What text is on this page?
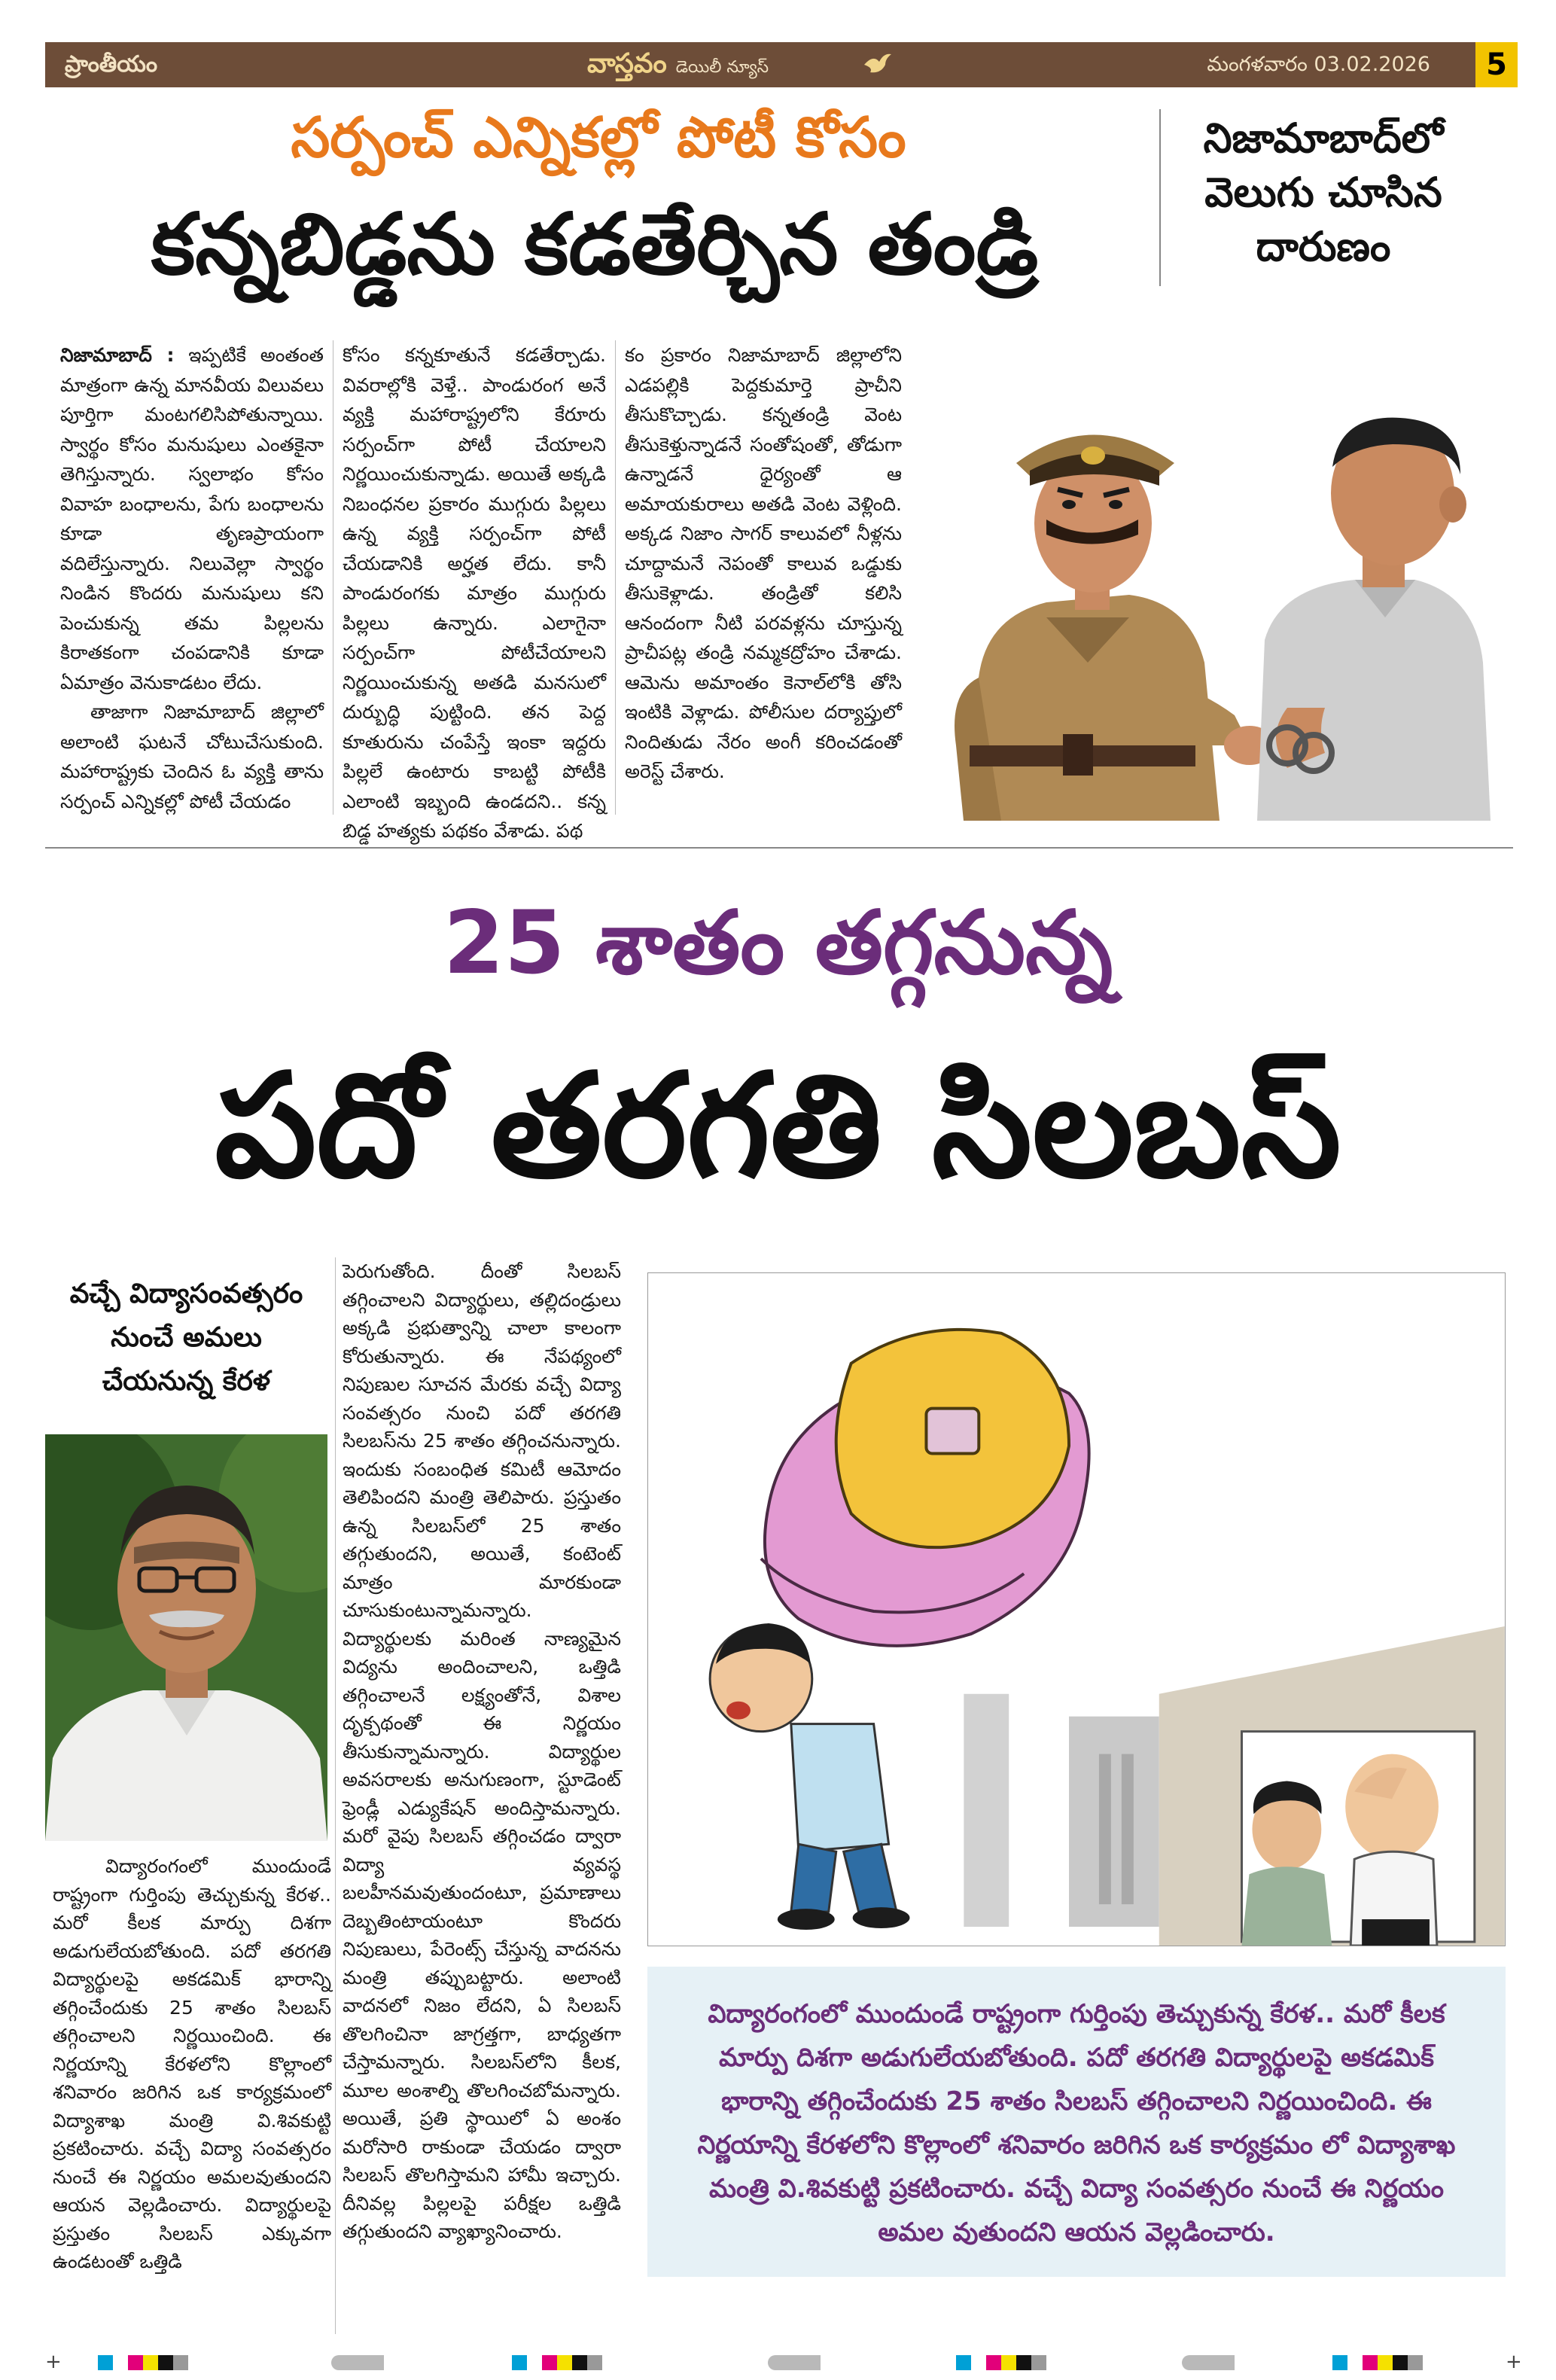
ప్రాంతీయం	వాస్తవం డెయిలీ న్యూస్	మంగళవారం 03.02.2026	5
సర్పంచ్ ఎన్నికల్లో పోటీ కోసం
కన్నబిడ్డను కడతేర్చిన తండ్రి
నిజామాబాద్‌లో
వెలుగు చూసిన
దారుణం

నిజామాబాద్ : ఇప్పటికే అంతంత మాత్రంగా ఉన్న మానవీయ విలువలు పూర్తిగా మంటగలిసిపోతున్నాయి. స్వార్థం కోసం మనుషులు ఎంతకైనా తెగిస్తున్నారు. స్వలాభం కోసం వివాహ బంధాలను, పేగు బంధాలను కూడా తృణప్రాయంగా వదిలేస్తున్నారు. నిలువెల్లా స్వార్థం నిండిన కొందరు మనుషులు కని పెంచుకున్న తమ పిల్లలను కిరాతకంగా చంపడానికి కూడా ఏమాత్రం వెనుకాడటం లేదు.

తాజాగా నిజామాబాద్ జిల్లాలో అలాంటి ఘటనే చోటుచేసుకుంది. మహారాష్ట్రకు చెందిన ఓ వ్యక్తి తాను సర్పంచ్ ఎన్నికల్లో పోటీ చేయడం

కోసం కన్నకూతునే కడతేర్చాడు. వివరాల్లోకి వెళ్తే.. పాండురంగ అనే వ్యక్తి మహారాష్ట్రలోని కేరూరు సర్పంచ్‌గా పోటీ చేయాలని నిర్ణయించుకున్నాడు. అయితే అక్కడి నిబంధనల ప్రకారం ముగ్గురు పిల్లలు ఉన్న వ్యక్తి సర్పంచ్‌గా పోటీ చేయడానికి అర్హత లేదు. కానీ పాండురంగకు మాత్రం ముగ్గురు పిల్లలు ఉన్నారు. ఎలాగైనా సర్పంచ్‌గా పోటీచేయాలని నిర్ణయించుకున్న అతడి మనసులో దుర్బుద్ధి పుట్టింది. తన పెద్ద కూతురును చంపేస్తే ఇంకా ఇద్దరు పిల్లలే ఉంటారు కాబట్టి పోటీకి ఎలాంటి ఇబ్బంది ఉండదని.. కన్న బిడ్డ హత్యకు పథకం వేశాడు. పథ

కం ప్రకారం నిజామాబాద్ జిల్లాలోని ఎడపల్లికి పెద్దకుమార్తె ప్రాచీని తీసుకొచ్చాడు. కన్నతండ్రి వెంట తీసుకెళ్తున్నాడనే సంతోషంతో, తోడుగా ఉన్నాడనే ధైర్యంతో ఆ అమాయకురాలు అతడి వెంట వెళ్లింది. అక్కడ నిజాం సాగర్ కాలువలో నీళ్లను చూద్దామనే నెపంతో కాలువ ఒడ్డుకు తీసుకెళ్లాడు. తండ్రితో కలిసి ఆనందంగా నీటి పరవళ్లను చూస్తున్న ప్రాచీపట్ల తండ్రి నమ్మకద్రోహం చేశాడు. ఆమెను అమాంతం కెనాల్‌లోకి తోసి ఇంటికి వెళ్లాడు. పోలీసుల దర్యాప్తులో నిందితుడు నేరం అంగీ కరించడంతో అరెస్ట్ చేశారు.

25 శాతం తగ్గనున్న
పదో తరగతి సిలబస్
వచ్చే విద్యాసంవత్సరం
నుంచే అమలు
చేయనున్న కేరళ

విద్యారంగంలో ముందుండే రాష్ట్రంగా గుర్తింపు తెచ్చుకున్న కేరళ.. మరో కీలక మార్పు దిశగా అడుగులేయబోతుంది. పదో తరగతి విద్యార్థులపై అకడమిక్ భారాన్ని తగ్గించేందుకు 25 శాతం సిలబస్ తగ్గించాలని నిర్ణయించింది. ఈ నిర్ణయాన్ని కేరళలోని కొల్లాంలో శనివారం జరిగిన ఒక కార్యక్రమంలో విద్యాశాఖ మంత్రి వి.శివకుట్టి ప్రకటించారు. వచ్చే విద్యా సంవత్సరం నుంచే ఈ నిర్ణయం అమలవుతుందని ఆయన వెల్లడించారు. విద్యార్థులపై ప్రస్తుతం సిలబస్ ఎక్కువగా ఉండటంతో ఒత్తిడి

పెరుగుతోంది. దీంతో సిలబస్ తగ్గించాలని విద్యార్థులు, తల్లిదండ్రులు అక్కడి ప్రభుత్వాన్ని చాలా కాలంగా కోరుతున్నారు. ఈ నేపథ్యంలో నిపుణుల సూచన మేరకు వచ్చే విద్యా సంవత్సరం నుంచి పదో తరగతి సిలబస్‌ను 25 శాతం తగ్గించనున్నారు. ఇందుకు సంబంధిత కమిటీ ఆమోదం తెలిపిందని మంత్రి తెలిపారు. ప్రస్తుతం ఉన్న సిలబస్‌లో 25 శాతం తగ్గుతుందని, అయితే, కంటెంట్ మాత్రం మారకుండా చూసుకుంటున్నామన్నారు. విద్యార్థులకు మరింత నాణ్యమైన విద్యను అందించాలని, ఒత్తిడి తగ్గించాలనే లక్ష్యంతోనే, విశాల దృక్పథంతో ఈ నిర్ణయం తీసుకున్నామన్నారు. విద్యార్థుల అవసరాలకు అనుగుణంగా, స్టూడెంట్ ఫ్రెండ్లీ ఎడ్యుకేషన్ అందిస్తామన్నారు. మరో వైపు సిలబస్ తగ్గించడం ద్వారా విద్యా వ్యవస్థ బలహీనమవుతుందంటూ, ప్రమాణాలు దెబ్బతింటాయంటూ కొందరు నిపుణులు, పేరెంట్స్ చేస్తున్న వాదనను మంత్రి తప్పుబట్టారు. అలాంటి వాదనలో నిజం లేదని, ఏ సిలబస్ తొలగించినా జాగ్రత్తగా, బాధ్యతగా చేస్తామన్నారు. సిలబస్‌లోని కీలక, మూల అంశాల్ని తొలగించబోమన్నారు. అయితే, ప్రతి స్థాయిలో ఏ అంశం మరోసారి రాకుండా చేయడం ద్వారా సిలబస్ తొలగిస్తామని హామీ ఇచ్చారు. దీనివల్ల పిల్లలపై పరీక్షల ఒత్తిడి తగ్గుతుందని వ్యాఖ్యానించారు.

విద్యారంగంలో ముందుండే రాష్ట్రంగా గుర్తింపు తెచ్చుకున్న కేరళ.. మరో కీలక మార్పు దిశగా అడుగులేయబోతుంది. పదో తరగతి విద్యార్థులపై అకడమిక్ భారాన్ని తగ్గించేందుకు 25 శాతం సిలబస్ తగ్గించాలని నిర్ణయించింది. ఈ నిర్ణయాన్ని కేరళలోని కొల్లాంలో శనివారం జరిగిన ఒక కార్యక్రమం లో విద్యాశాఖ మంత్రి వి.శివకుట్టి ప్రకటించారు. వచ్చే విద్యా సంవత్సరం నుంచే ఈ నిర్ణయం అమల వుతుందని ఆయన వెల్లడించారు.
+	+
